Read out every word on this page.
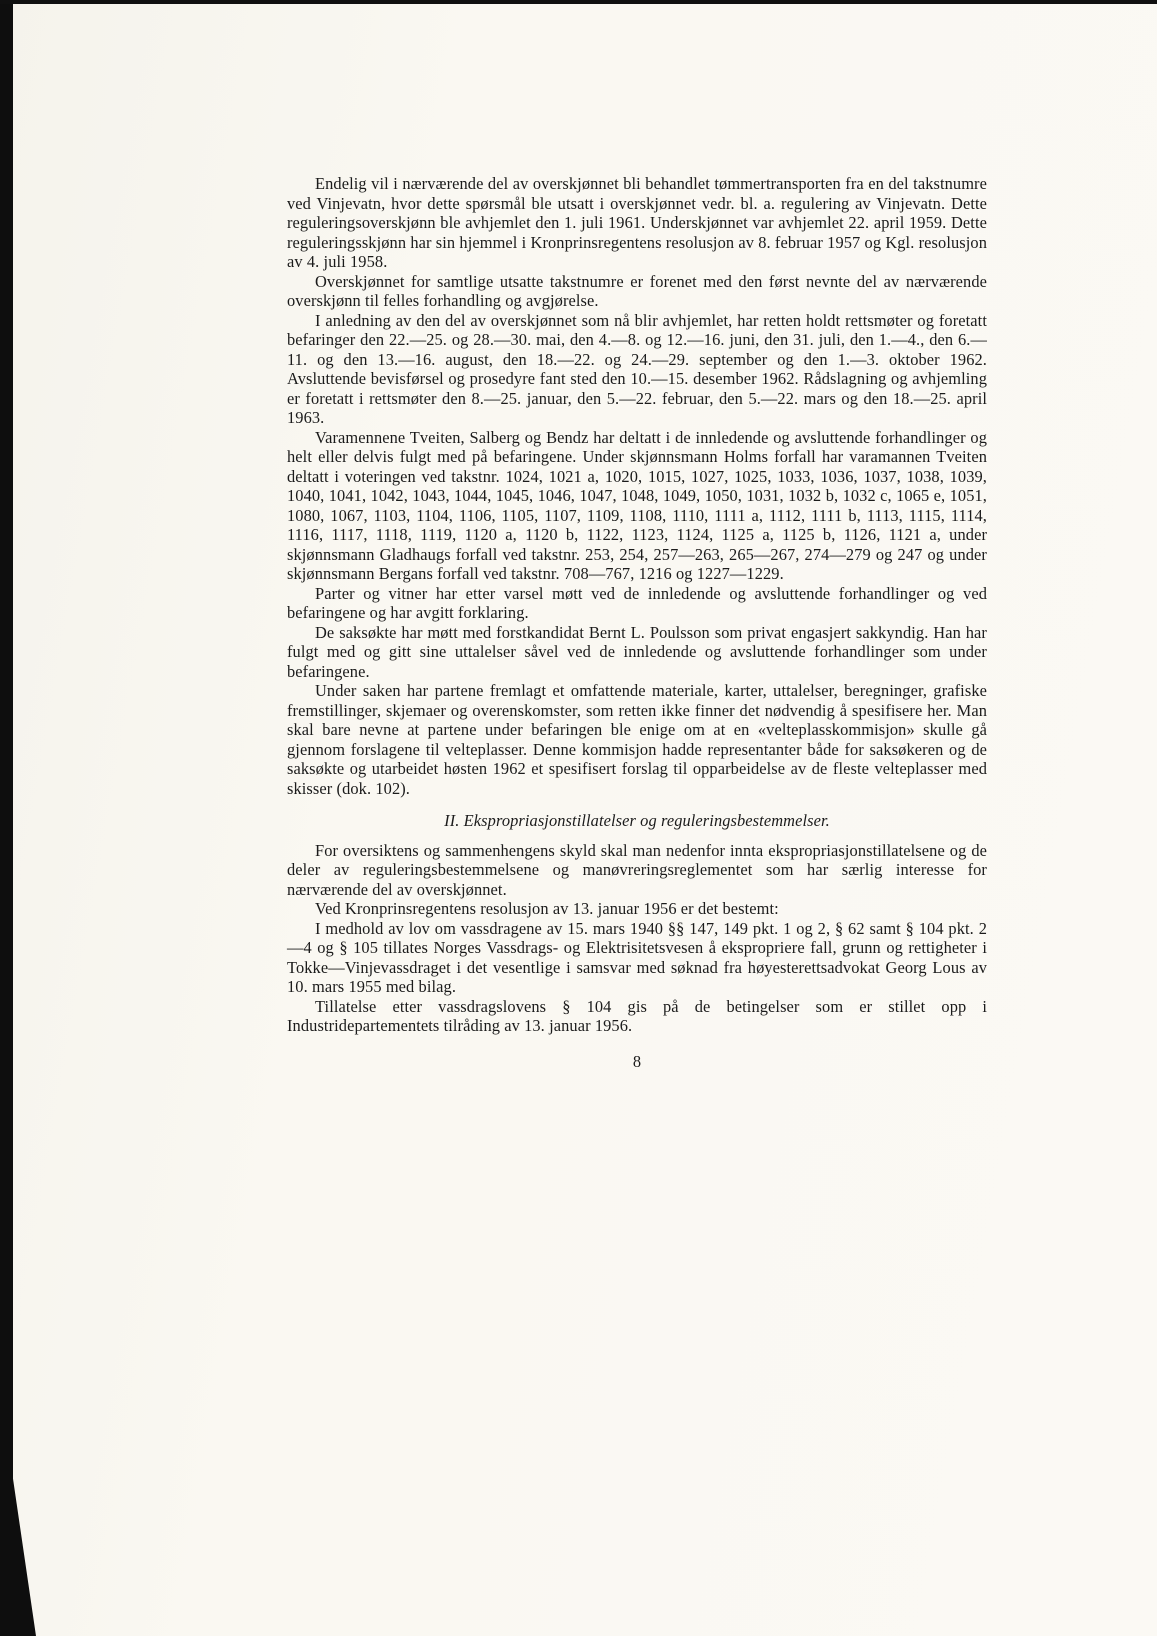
Endelig vil i nærværende del av overskjønnet bli behandlet tømmertransporten fra en del takstnumre ved Vinjevatn, hvor dette spørsmål ble utsatt i overskjønnet vedr. bl. a. regulering av Vinjevatn. Dette reguleringsoverskjønn ble avhjemlet den 1. juli 1961. Underskjønnet var avhjemlet 22. april 1959. Dette reguleringsskjønn har sin hjemmel i Kronprinsregentens resolusjon av 8. februar 1957 og Kgl. resolusjon av 4. juli 1958.

Overskjønnet for samtlige utsatte takstnumre er forenet med den først nevnte del av nærværende overskjønn til felles forhandling og avgjørelse.

I anledning av den del av overskjønnet som nå blir avhjemlet, har retten holdt rettsmøter og foretatt befaringer den 22.—25. og 28.—30. mai, den 4.—8. og 12.—16. juni, den 31. juli, den 1.—4., den 6.—11. og den 13.—16. august, den 18.—22. og 24.—29. september og den 1.—3. oktober 1962. Avsluttende bevisførsel og prosedyre fant sted den 10.—15. desember 1962. Rådslagning og avhjemling er foretatt i rettsmøter den 8.—25. januar, den 5.—22. februar, den 5.—22. mars og den 18.—25. april 1963.

Varamennene Tveiten, Salberg og Bendz har deltatt i de innledende og avsluttende forhandlinger og helt eller delvis fulgt med på befaringene. Under skjønnsmann Holms forfall har varamannen Tveiten deltatt i voteringen ved takstnr. 1024, 1021 a, 1020, 1015, 1027, 1025, 1033, 1036, 1037, 1038, 1039, 1040, 1041, 1042, 1043, 1044, 1045, 1046, 1047, 1048, 1049, 1050, 1031, 1032 b, 1032 c, 1065 e, 1051, 1080, 1067, 1103, 1104, 1106, 1105, 1107, 1109, 1108, 1110, 1111 a, 1112, 1111 b, 1113, 1115, 1114, 1116, 1117, 1118, 1119, 1120 a, 1120 b, 1122, 1123, 1124, 1125 a, 1125 b, 1126, 1121 a, under skjønnsmann Gladhaugs forfall ved takstnr. 253, 254, 257—263, 265—267, 274—279 og 247 og under skjønnsmann Bergans forfall ved takstnr. 708—767, 1216 og 1227—1229.

Parter og vitner har etter varsel møtt ved de innledende og avsluttende forhandlinger og ved befaringene og har avgitt forklaring.

De saksøkte har møtt med forstkandidat Bernt L. Poulsson som privat engasjert sakkyndig. Han har fulgt med og gitt sine uttalelser såvel ved de innledende og avsluttende forhandlinger som under befaringene.

Under saken har partene fremlagt et omfattende materiale, karter, uttalelser, beregninger, grafiske fremstillinger, skjemaer og overenskomster, som retten ikke finner det nødvendig å spesifisere her. Man skal bare nevne at partene under befaringen ble enige om at en «velteplasskommisjon» skulle gå gjennom forslagene til velteplasser. Denne kommisjon hadde representanter både for saksøkeren og de saksøkte og utarbeidet høsten 1962 et spesifisert forslag til opparbeidelse av de fleste velteplasser med skisser (dok. 102).

II. Ekspropriasjonstillatelser og reguleringsbestemmelser.

For oversiktens og sammenhengens skyld skal man nedenfor innta ekspropriasjonstillatelsene og de deler av reguleringsbestemmelsene og manøvreringsreglementet som har særlig interesse for nærværende del av overskjønnet.

Ved Kronprinsregentens resolusjon av 13. januar 1956 er det bestemt:

I medhold av lov om vassdragene av 15. mars 1940 §§ 147, 149 pkt. 1 og 2, § 62 samt § 104 pkt. 2—4 og § 105 tillates Norges Vassdrags- og Elektrisitetsvesen å ekspropriere fall, grunn og rettigheter i Tokke—Vinjevassdraget i det vesentlige i samsvar med søknad fra høyesterettsadvokat Georg Lous av 10. mars 1955 med bilag.

Tillatelse etter vassdragslovens § 104 gis på de betingelser som er stillet opp i Industridepartementets tilråding av 13. januar 1956.

8
